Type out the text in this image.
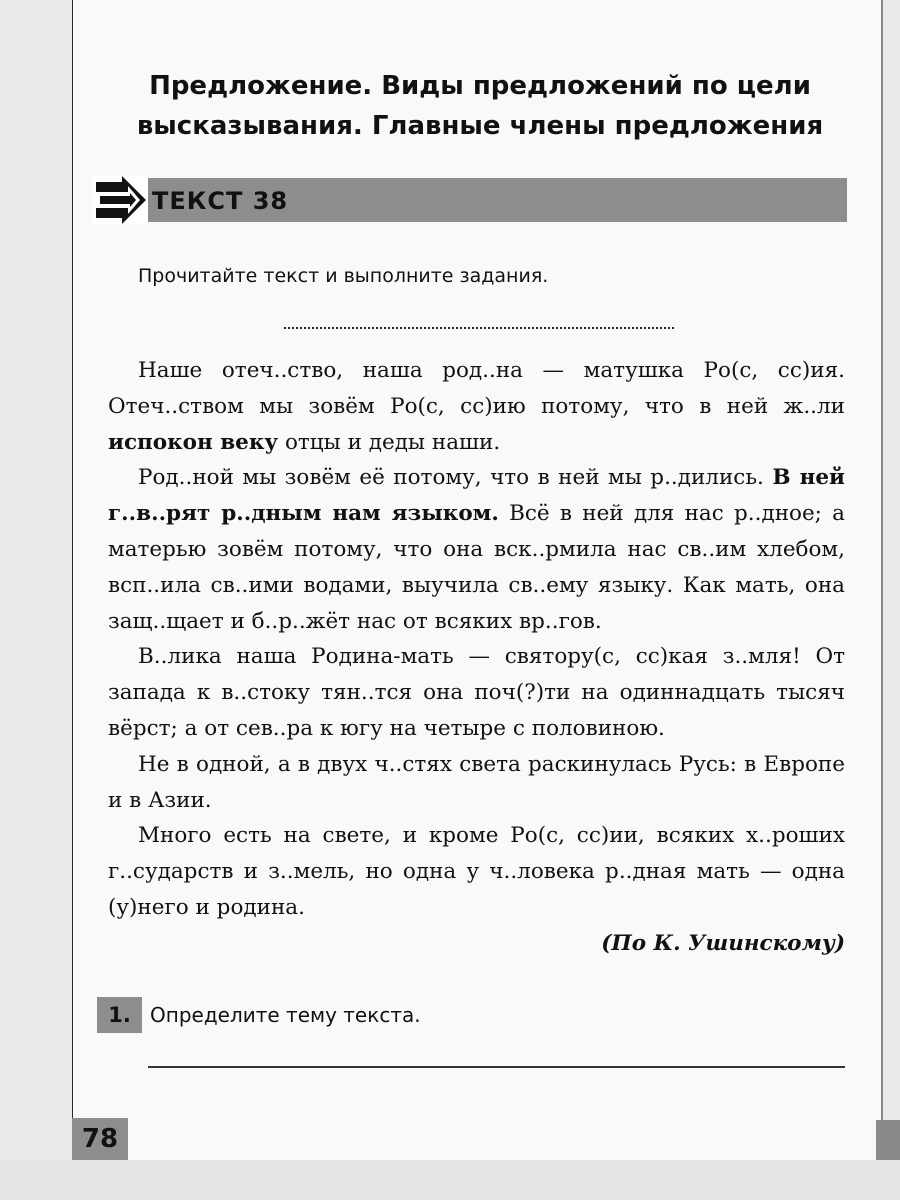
Предложение. Виды предложений по цели высказывания. Главные члены предложения
ТЕКСТ 38
Прочитайте текст и выполните задания.

Наше отеч..ство, наша род..на — матушка Ро(с, сс)ия. Отеч..ством мы зовём Ро(с, сс)ию потому, что в ней ж..ли испокон веку отцы и деды наши.

Род..ной мы зовём её потому, что в ней мы р..дились. В ней г..в..рят р..дным нам языком. Всё в ней для нас р..дное; а матерью зовём потому, что она вск..рмила нас св..им хлебом, всп..ила св..ими водами, выучила св..ему языку. Как мать, она защ..щает и б..р..жёт нас от всяких вр..гов.

В..лика наша Родина-мать — святору(с, сс)кая з..мля! От запада к в..стоку тян..тся она поч(?)ти на одиннадцать тысяч вёрст; а от сев..ра к югу на четыре с половиною.

Не в одной, а в двух ч..стях света раскинулась Русь: в Европе и в Азии.

Много есть на свете, и кроме Ро(с, сс)ии, всяких х..роших г..сударств и з..мель, но одна у ч..ловека р..дная мать — одна (у)него и родина.

(По К. Ушинскому)

1. Определите тему текста.
78
